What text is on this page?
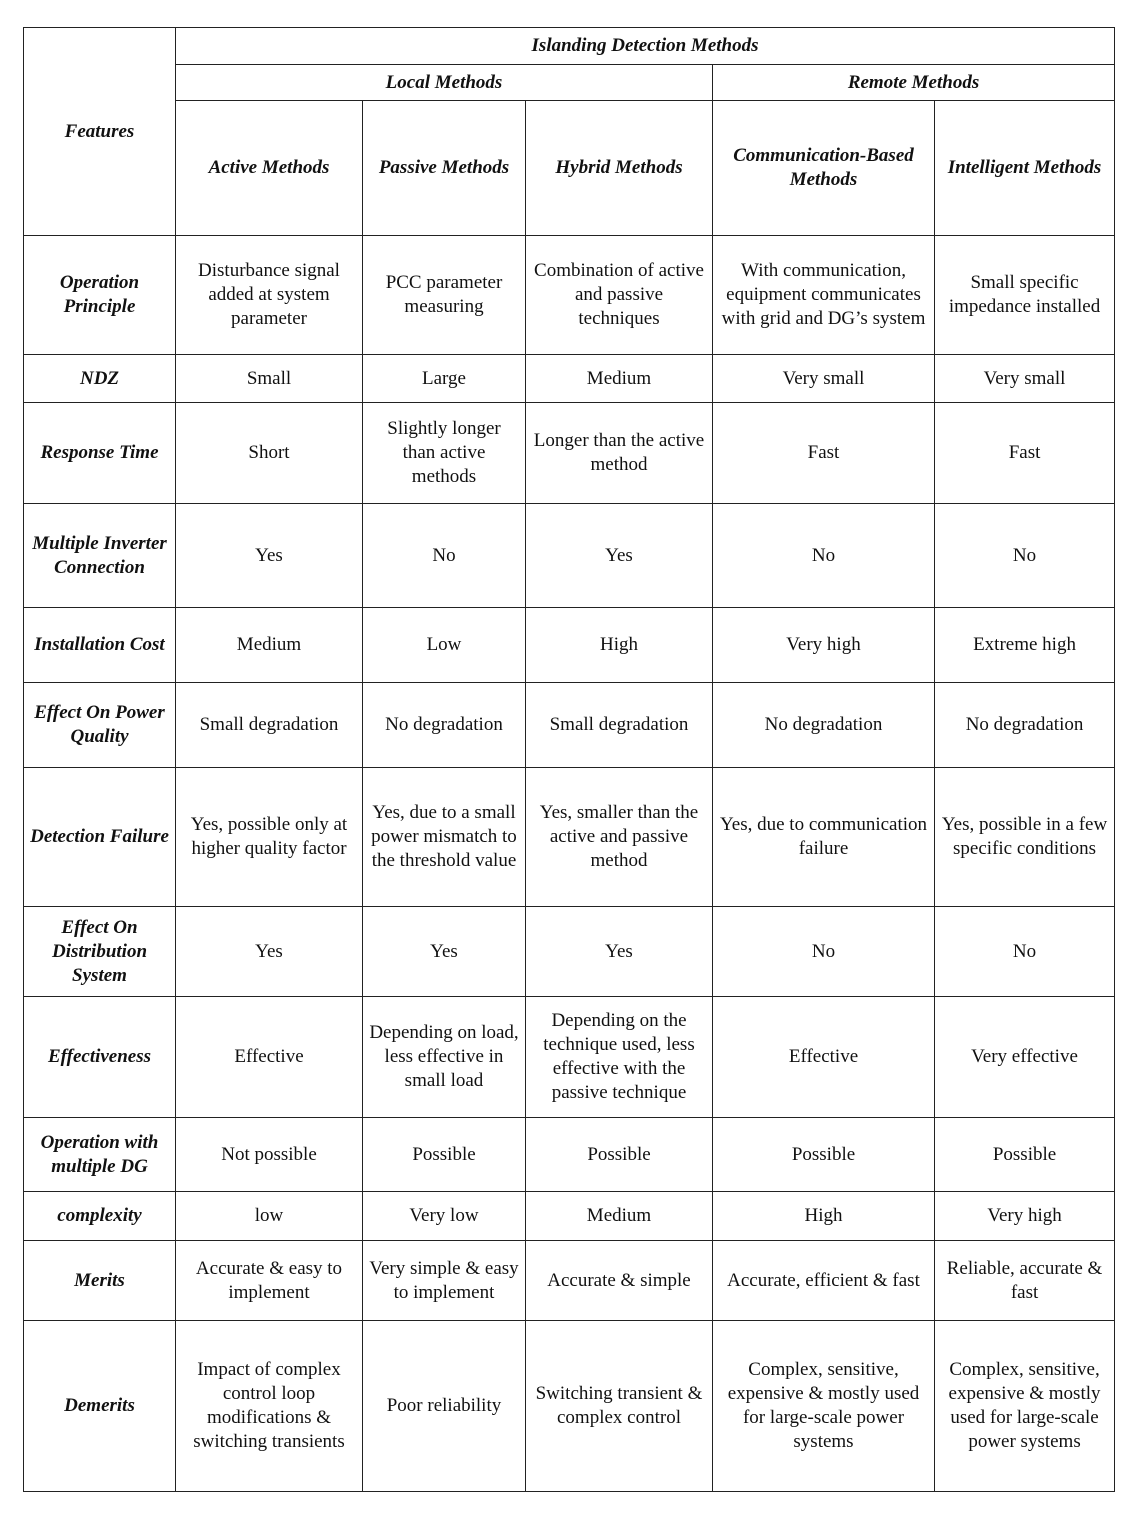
Features	Islanding Detection Methods				
	Local Methods			Remote Methods	
	Active Methods	Passive Methods	Hybrid Methods	Communication-Based Methods	Intelligent Methods
Operation Principle	Disturbance signal added at system parameter	PCC parameter measuring	Combination of active and passive techniques	With communication, equipment communicates with grid and DG’s system	Small specific impedance installed
NDZ	Small	Large	Medium	Very small	Very small
Response Time	Short	Slightly longer than active methods	Longer than the active method	Fast	Fast
Multiple Inverter Connection	Yes	No	Yes	No	No
Installation Cost	Medium	Low	High	Very high	Extreme high
Effect On Power Quality	Small degradation	No degradation	Small degradation	No degradation	No degradation
Detection Failure	Yes, possible only at higher quality factor	Yes, due to a small power mismatch to the threshold value	Yes, smaller than the active and passive method	Yes, due to communication failure	Yes, possible in a few specific conditions
Effect On Distribution System	Yes	Yes	Yes	No	No
Effectiveness	Effective	Depending on load, less effective in small load	Depending on the technique used, less effective with the passive technique	Effective	Very effective
Operation with multiple DG	Not possible	Possible	Possible	Possible	Possible
complexity	low	Very low	Medium	High	Very high
Merits	Accurate & easy to implement	Very simple & easy to implement	Accurate & simple	Accurate, efficient & fast	Reliable, accurate & fast
Demerits	Impact of complex control loop modifications & switching transients	Poor reliability	Switching transient & complex control	Complex, sensitive, expensive & mostly used for large-scale power systems	Complex, sensitive, expensive & mostly used for large-scale power systems
